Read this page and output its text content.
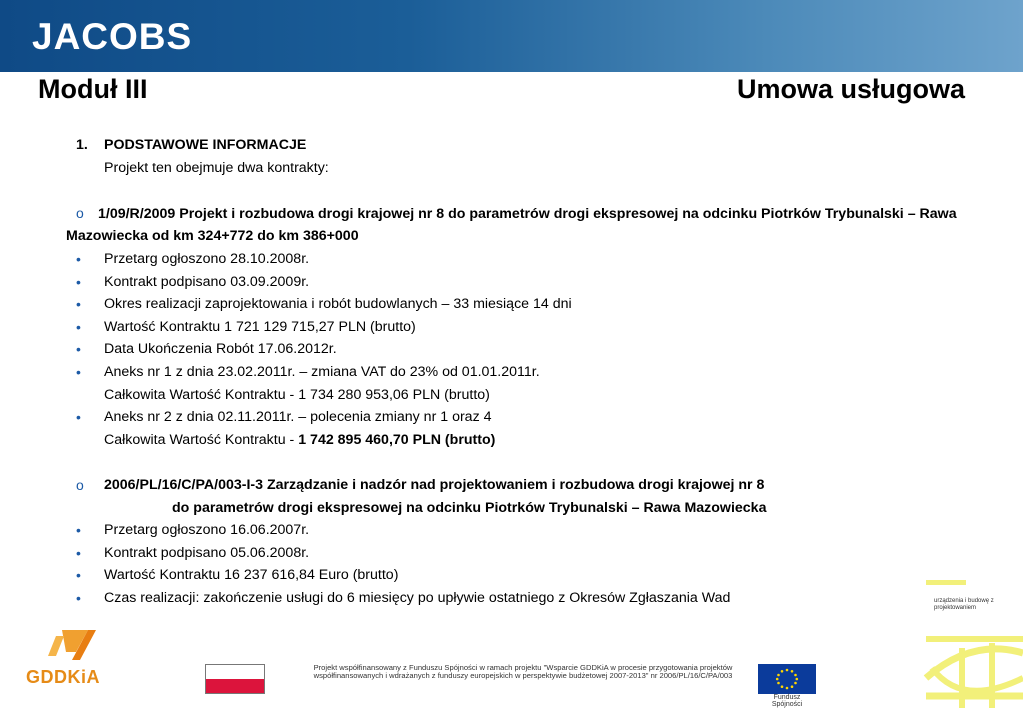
JACOBS
Moduł III	Umowa usługowa
1. PODSTAWOWE INFORMACJE
Projekt ten obejmuje dwa kontrakty:
o 1/09/R/2009 Projekt i rozbudowa drogi krajowej nr 8 do parametrów drogi ekspresowej na odcinku Piotrków Trybunalski – Rawa Mazowiecka od km 324+772 do km 386+000
• Przetarg ogłoszono 28.10.2008r.
• Kontrakt podpisano 03.09.2009r.
• Okres realizacji zaprojektowania i robót budowlanych – 33 miesiące 14 dni
• Wartość Kontraktu 1 721 129 715,27 PLN (brutto)
• Data Ukończenia Robót 17.06.2012r.
• Aneks nr 1 z dnia 23.02.2011r. – zmiana VAT do 23% od 01.01.2011r.
Całkowita Wartość Kontraktu - 1 734 280 953,06 PLN (brutto)
• Aneks nr 2 z dnia 02.11.2011r. – polecenia zmiany nr 1 oraz 4
Całkowita Wartość Kontraktu - 1 742 895 460,70 PLN (brutto)
o 2006/PL/16/C/PA/003-I-3 Zarządzanie i nadzór nad projektowaniem i rozbudowa drogi krajowej nr 8
do parametrów drogi ekspresowej na odcinku Piotrków Trybunalski – Rawa Mazowiecka
• Przetarg ogłoszono 16.06.2007r.
• Kontrakt podpisano 05.06.2008r.
• Wartość Kontraktu 16 237 616,84 Euro (brutto)
• Czas realizacji: zakończenie usługi do 6 miesięcy po upływie ostatniego z Okresów Zgłaszania Wad
GDDKiA	Projekt współfinansowany z Funduszu Spójności w ramach projektu "Wsparcie GDDKiA w procesie przygotowania projektów współfinansowanych i wdrażanych z funduszy europejskich w perspektywie budżetowej 2007-2013" nr 2006/PL/16/C/PA/003
Fundusz Spójności
urządzenia i budowę z projektowaniem
